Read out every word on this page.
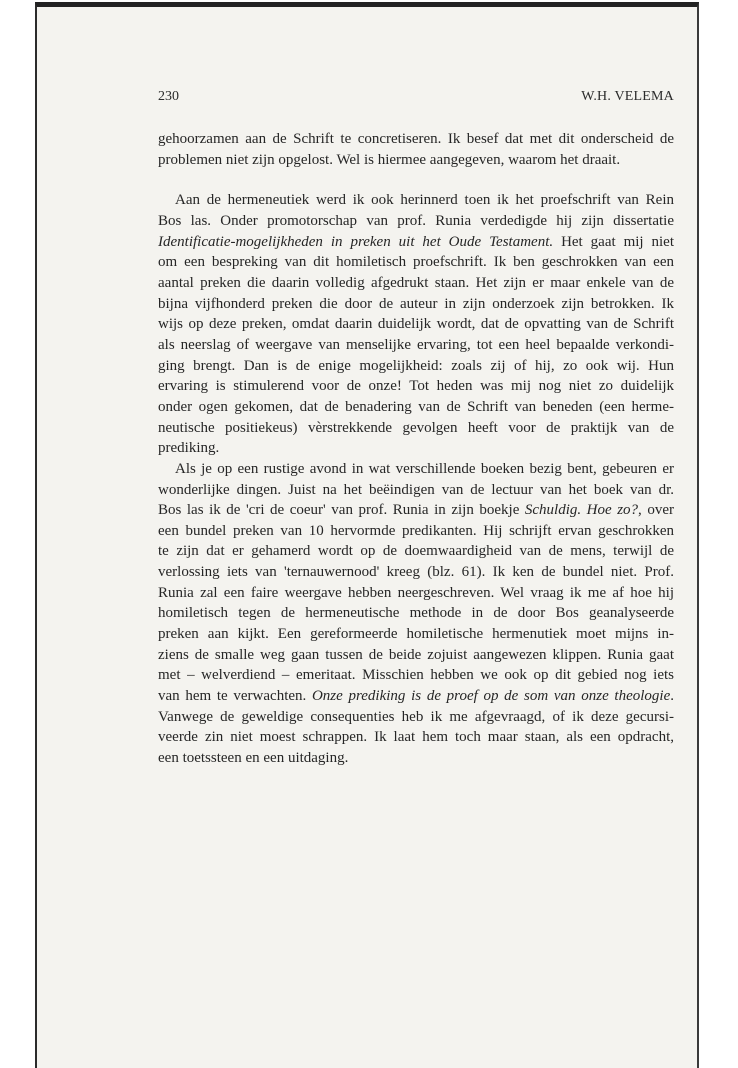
230	W.H. VELEMA
gehoorzamen aan de Schrift te concretiseren. Ik besef dat met dit onderscheid de
problemen niet zijn opgelost. Wel is hiermee aangegeven, waarom het draait.
Aan de hermeneutiek werd ik ook herinnerd toen ik het proefschrift van Rein
Bos las. Onder promotorschap van prof. Runia verdedigde hij zijn dissertatie
Identificatie-mogelijkheden in preken uit het Oude Testament. Het gaat mij niet
om een bespreking van dit homiletisch proefschrift. Ik ben geschrokken van een
aantal preken die daarin volledig afgedrukt staan. Het zijn er maar enkele van de
bijna vijfhonderd preken die door de auteur in zijn onderzoek zijn betrokken. Ik
wijs op deze preken, omdat daarin duidelijk wordt, dat de opvatting van de Schrift
als neerslag of weergave van menselijke ervaring, tot een heel bepaalde verkondi-
ging brengt. Dan is de enige mogelijkheid: zoals zij of hij, zo ook wij. Hun
ervaring is stimulerend voor de onze! Tot heden was mij nog niet zo duidelijk
onder ogen gekomen, dat de benadering van de Schrift van beneden (een herme-
neutische positiekeus) vèrstrekkende gevolgen heeft voor de praktijk van de
prediking.
Als je op een rustige avond in wat verschillende boeken bezig bent, gebeuren er
wonderlijke dingen. Juist na het beëindigen van de lectuur van het boek van dr.
Bos las ik de 'cri de coeur' van prof. Runia in zijn boekje Schuldig. Hoe zo?, over
een bundel preken van 10 hervormde predikanten. Hij schrijft ervan geschrokken
te zijn dat er gehamerd wordt op de doemwaardigheid van de mens, terwijl de
verlossing iets van 'ternauwernood' kreeg (blz. 61). Ik ken de bundel niet. Prof.
Runia zal een faire weergave hebben neergeschreven. Wel vraag ik me af hoe hij
homiletisch tegen de hermeneutische methode in de door Bos geanalyseerde
preken aan kijkt. Een gereformeerde homiletische hermenutiek moet mijns in-
ziens de smalle weg gaan tussen de beide zojuist aangewezen klippen. Runia gaat
met – welverdiend – emeritaat. Misschien hebben we ook op dit gebied nog iets
van hem te verwachten. Onze prediking is de proef op de som van onze theologie.
Vanwege de geweldige consequenties heb ik me afgevraagd, of ik deze gecursi-
veerde zin niet moest schrappen. Ik laat hem toch maar staan, als een opdracht,
een toetssteen en een uitdaging.
